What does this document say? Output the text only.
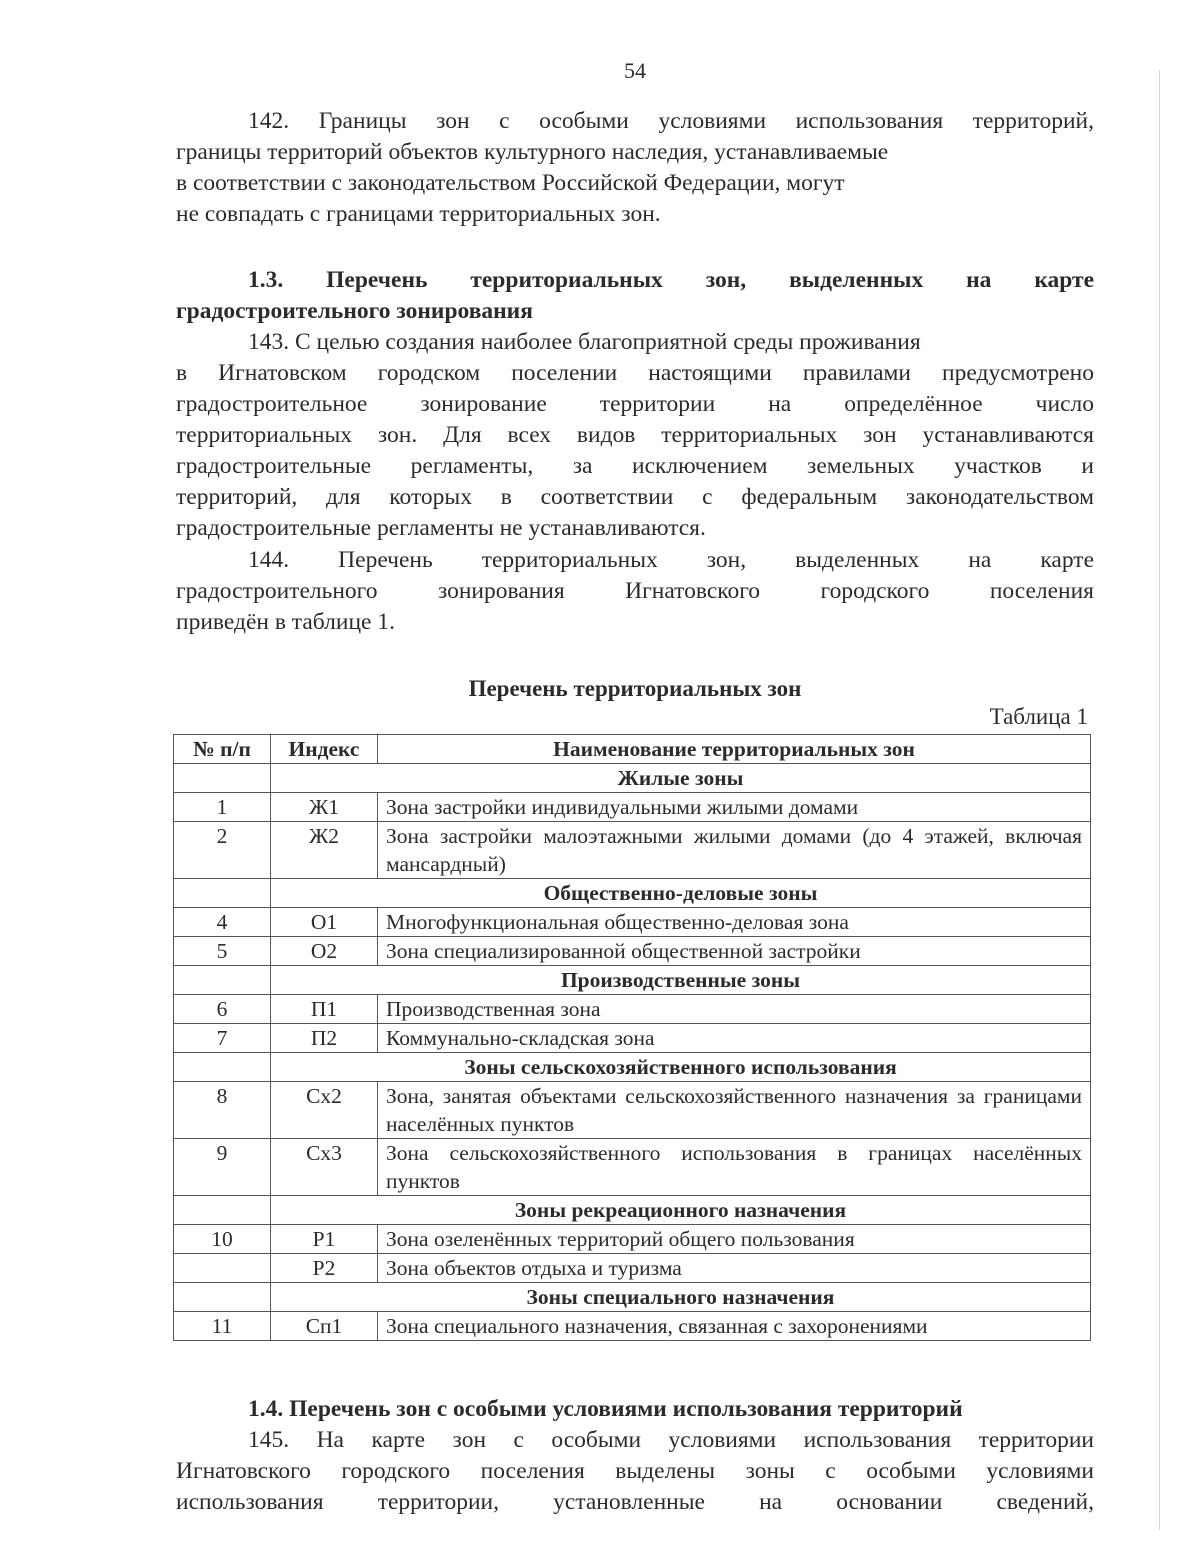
54
142. Границы зон с особыми условиями использования территорий,
границы территорий объектов культурного наследия, устанавливаемые
в соответствии с законодательством Российской Федерации, могут
не совпадать с границами территориальных зон.
1.3. Перечень территориальных зон, выделенных на карте
градостроительного зонирования
143. С целью создания наиболее благоприятной среды проживания
в Игнатовском городском поселении настоящими правилами предусмотрено
градостроительное зонирование территории на определённое число
территориальных зон. Для всех видов территориальных зон устанавливаются
градостроительные регламенты, за исключением земельных участков и
территорий, для которых в соответствии с федеральным законодательством
градостроительные регламенты не устанавливаются.
144. Перечень территориальных зон, выделенных на карте
градостроительного зонирования Игнатовского городского поселения
приведён в таблице 1.
Перечень территориальных зон
Таблица 1
№ п/п	Индекс	Наименование территориальных зон
	Жилые зоны	
1	Ж1	Зона застройки индивидуальными жилыми домами
2	Ж2	Зона застройки малоэтажными жилыми домами (до 4 этажей, включая мансардный)
	Общественно-деловые зоны	
4	О1	Многофункциональная общественно-деловая зона
5	О2	Зона специализированной общественной застройки
	Производственные зоны	
6	П1	Производственная зона
7	П2	Коммунально-складская зона
	Зоны сельскохозяйственного использования	
8	Сх2	Зона, занятая объектами сельскохозяйственного назначения за границами населённых пунктов
9	Сх3	Зона сельскохозяйственного использования в границах населённых пунктов
	Зоны рекреационного назначения	
10	Р1	Зона озеленённых территорий общего пользования
	Р2	Зона объектов отдыха и туризма
	Зоны специального назначения	
11	Сп1	Зона специального назначения, связанная с захоронениями
1.4. Перечень зон с особыми условиями использования территорий
145. На карте зон с особыми условиями использования территории
Игнатовского городского поселения выделены зоны с особыми условиями
использования территории, установленные на основании сведений,
